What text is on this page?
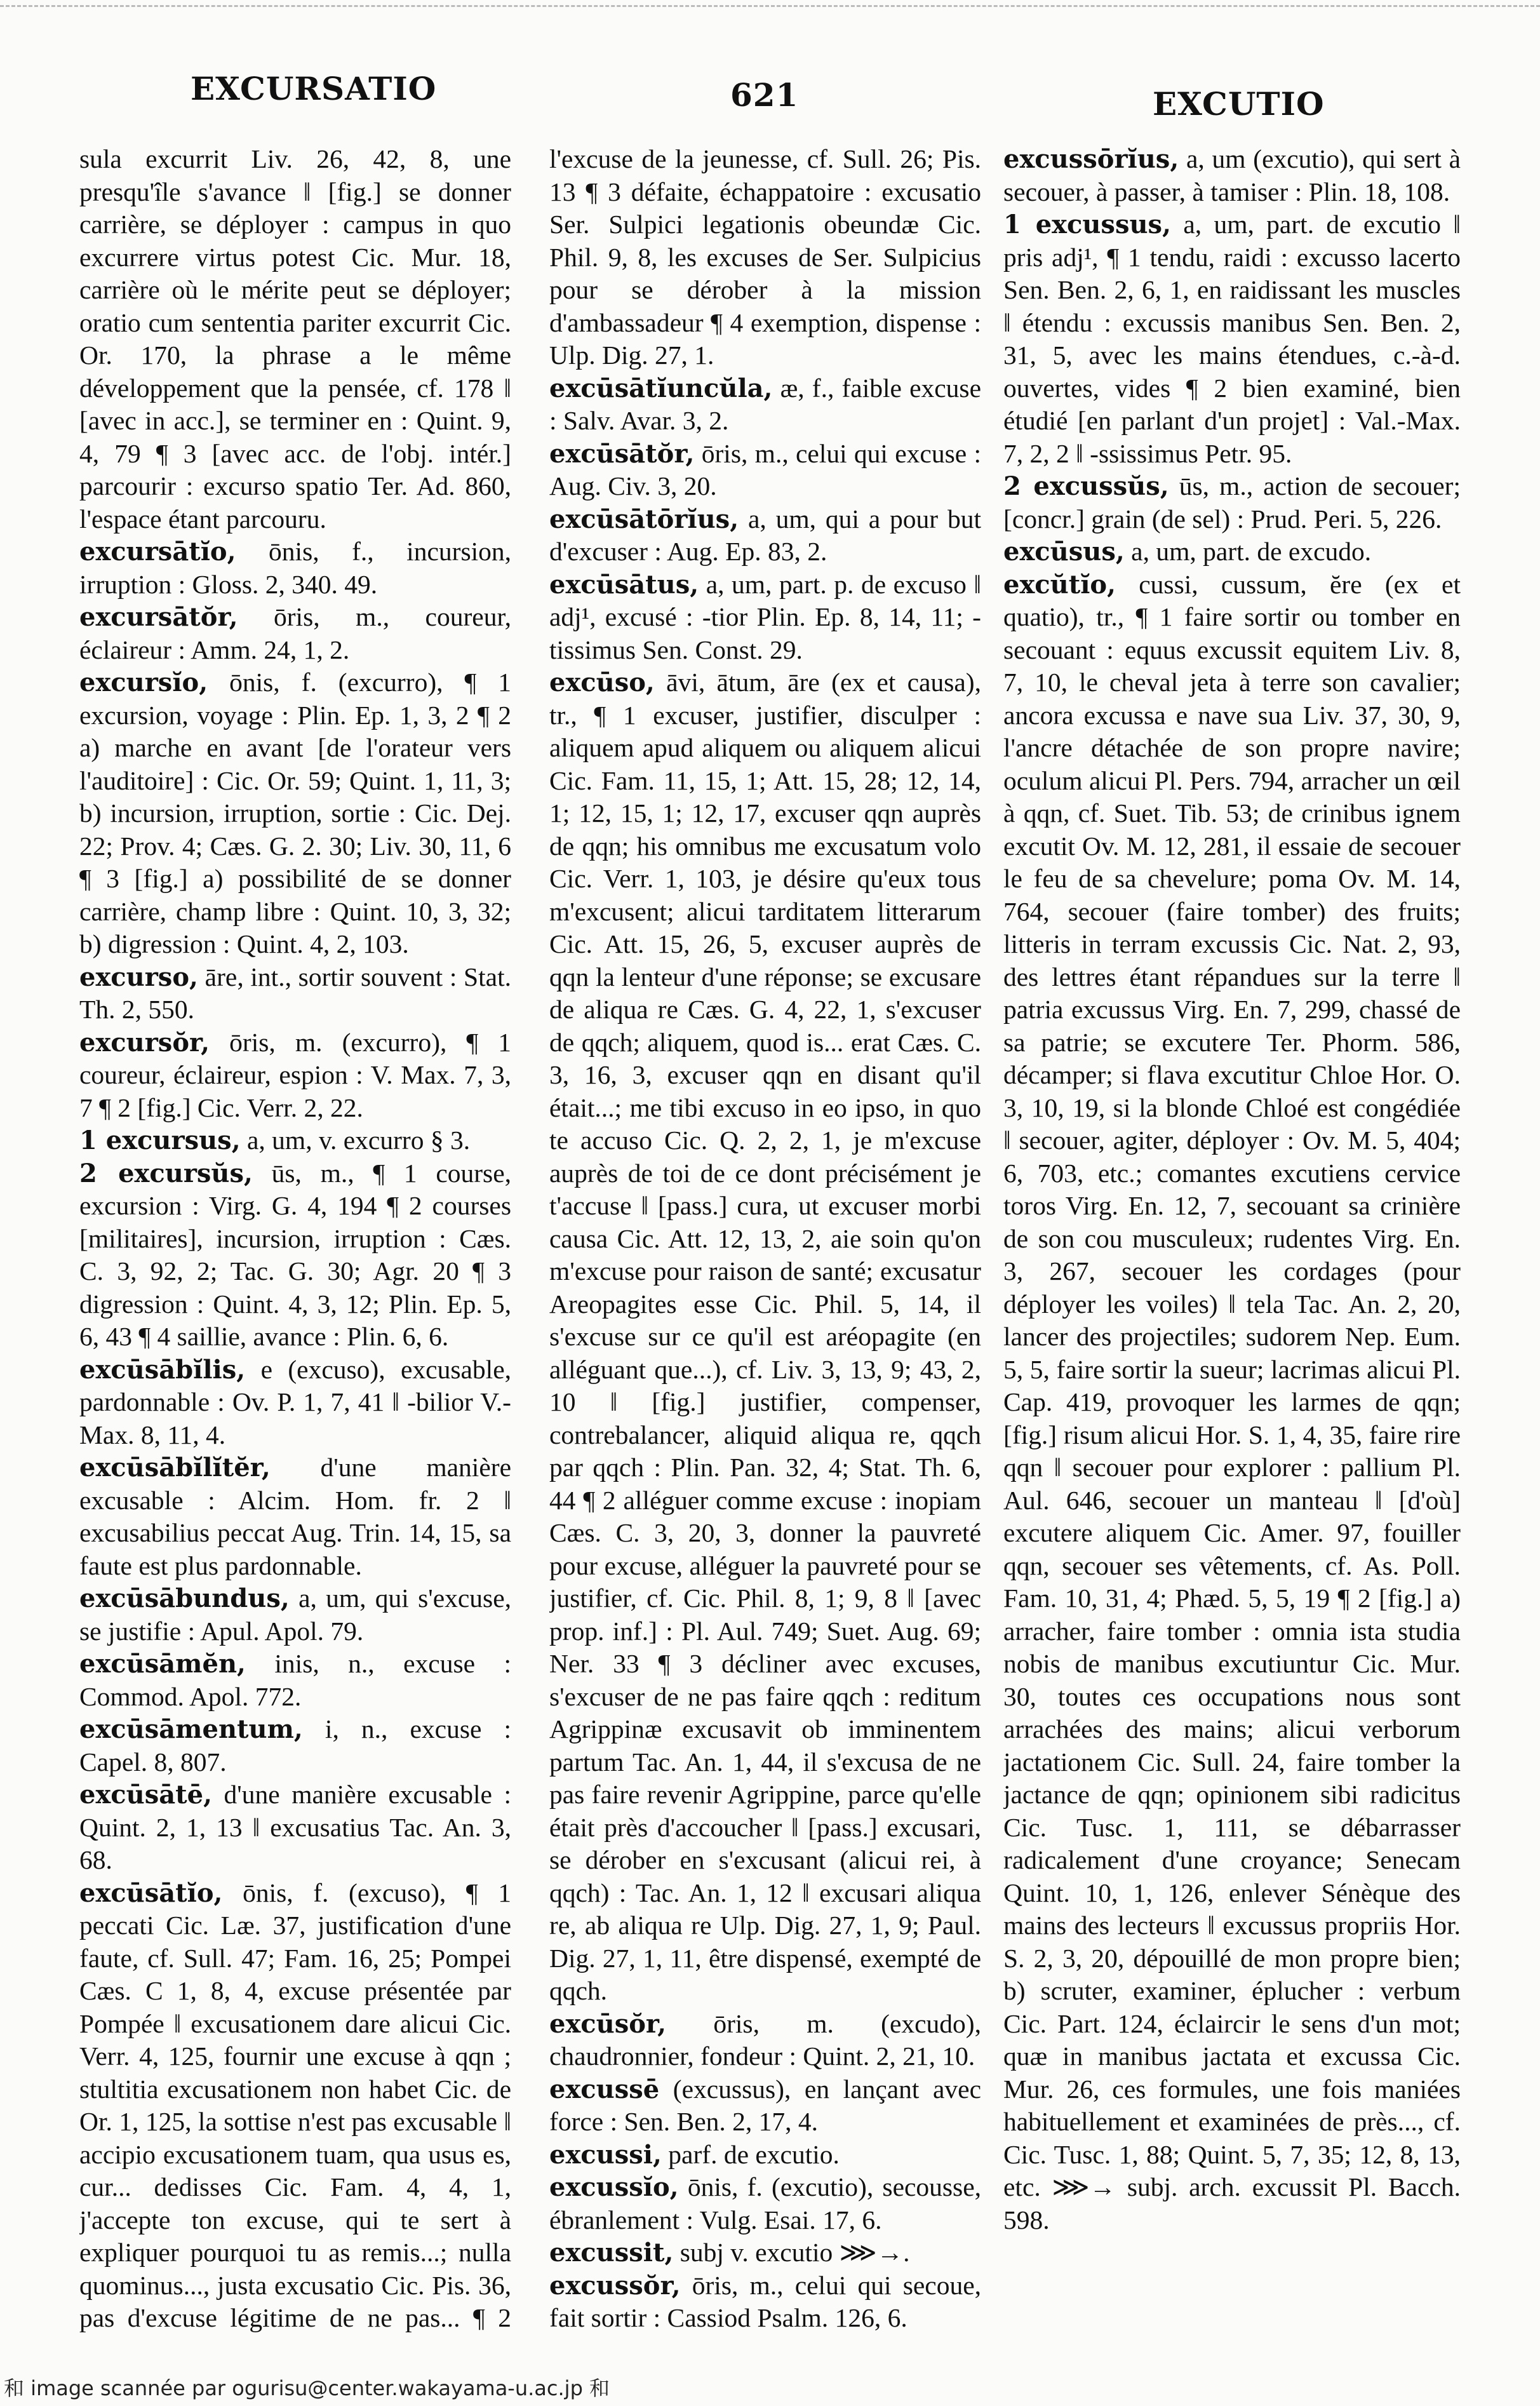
EXCURSATIO	621	EXCUTIO

sula excurrit Liv. 26, 42, 8, une presqu'île s'avance ‖ [fig.] se donner carrière, se déployer : campus in quo excurrere virtus potest Cic. Mur. 18, carrière où le mérite peut se déployer; oratio cum sententia pariter excurrit Cic. Or. 170, la phrase a le même développement que la pensée, cf. 178 ‖ [avec in acc.], se terminer en : Quint. 9, 4, 79 ¶ 3 [avec acc. de l'obj. intér.] parcourir : excurso spatio Ter. Ad. 860, l'espace étant parcouru.

excursātĭo, ōnis, f., incursion, irruption : Gloss. 2, 340. 49.

excursātŏr, ōris, m., coureur, éclaireur : Amm. 24, 1, 2.

excursĭo, ōnis, f. (excurro), ¶ 1 excursion, voyage : Plin. Ep. 1, 3, 2 ¶ 2 a) marche en avant [de l'orateur vers l'auditoire] : Cic. Or. 59; Quint. 1, 11, 3; b) incursion, irruption, sortie : Cic. Dej. 22; Prov. 4; Cæs. G. 2. 30; Liv. 30, 11, 6 ¶ 3 [fig.] a) possibilité de se donner carrière, champ libre : Quint. 10, 3, 32; b) digression : Quint. 4, 2, 103.

excurso, āre, int., sortir souvent : Stat. Th. 2, 550.

excursŏr, ōris, m. (excurro), ¶ 1 coureur, éclaireur, espion : V. Max. 7, 3, 7 ¶ 2 [fig.] Cic. Verr. 2, 22.

1 excursus, a, um, v. excurro § 3.

2 excursŭs, ūs, m., ¶ 1 course, excursion : Virg. G. 4, 194 ¶ 2 courses [militaires], incursion, irruption : Cæs. C. 3, 92, 2; Tac. G. 30; Agr. 20 ¶ 3 digression : Quint. 4, 3, 12; Plin. Ep. 5, 6, 43 ¶ 4 saillie, avance : Plin. 6, 6.

excūsābĭlis, e (excuso), excusable, pardonnable : Ov. P. 1, 7, 41 ‖ -bilior V.-Max. 8, 11, 4.

excūsābĭlĭtĕr, d'une manière excusable : Alcim. Hom. fr. 2 ‖ excusabilius peccat Aug. Trin. 14, 15, sa faute est plus pardonnable.

excūsābundus, a, um, qui s'excuse, se justifie : Apul. Apol. 79.

excūsāmĕn, inis, n., excuse : Commod. Apol. 772.

excūsāmentum, i, n., excuse : Capel. 8, 807.

excūsātē, d'une manière excusable : Quint. 2, 1, 13 ‖ excusatius Tac. An. 3, 68.

excūsātĭo, ōnis, f. (excuso), ¶ 1 peccati Cic. Læ. 37, justification d'une faute, cf. Sull. 47; Fam. 16, 25; Pompei Cæs. C 1, 8, 4, excuse présentée par Pompée ‖ excusationem dare alicui Cic. Verr. 4, 125, fournir une excuse à qqn ; stultitia excusationem non habet Cic. de Or. 1, 125, la sottise n'est pas excusable ‖ accipio excusationem tuam, qua usus es, cur... dedisses Cic. Fam. 4, 4, 1, j'accepte ton excuse, qui te sert à expliquer pourquoi tu as remis...; nulla quominus..., justa excusatio Cic. Pis. 36, pas d'excuse légitime de ne pas... ¶ 2

l'excuse de la jeunesse, cf. Sull. 26; Pis. 13 ¶ 3 défaite, échappatoire : excusatio Ser. Sulpici legationis obeundæ Cic. Phil. 9, 8, les excuses de Ser. Sulpicius pour se dérober à la mission d'ambassadeur ¶ 4 exemption, dispense : Ulp. Dig. 27, 1.

excūsātĭuncŭla, æ, f., faible excuse : Salv. Avar. 3, 2.

excūsātŏr, ōris, m., celui qui excuse : Aug. Civ. 3, 20.

excūsātōrĭus, a, um, qui a pour but d'excuser : Aug. Ep. 83, 2.

excūsātus, a, um, part. p. de excuso ‖ adj¹, excusé : -tior Plin. Ep. 8, 14, 11; -tissimus Sen. Const. 29.

excūso, āvi, ātum, āre (ex et causa), tr., ¶ 1 excuser, justifier, disculper : aliquem apud aliquem ou aliquem alicui Cic. Fam. 11, 15, 1; Att. 15, 28; 12, 14, 1; 12, 15, 1; 12, 17, excuser qqn auprès de qqn; his omnibus me excusatum volo Cic. Verr. 1, 103, je désire qu'eux tous m'excusent; alicui tarditatem litterarum Cic. Att. 15, 26, 5, excuser auprès de qqn la lenteur d'une réponse; se excusare de aliqua re Cæs. G. 4, 22, 1, s'excuser de qqch; aliquem, quod is... erat Cæs. C. 3, 16, 3, excuser qqn en disant qu'il était...; me tibi excuso in eo ipso, in quo te accuso Cic. Q. 2, 2, 1, je m'excuse auprès de toi de ce dont précisément je t'accuse ‖ [pass.] cura, ut excuser morbi causa Cic. Att. 12, 13, 2, aie soin qu'on m'excuse pour raison de santé; excusatur Areopagites esse Cic. Phil. 5, 14, il s'excuse sur ce qu'il est aréopagite (en alléguant que...), cf. Liv. 3, 13, 9; 43, 2, 10 ‖ [fig.] justifier, compenser, contrebalancer, aliquid aliqua re, qqch par qqch : Plin. Pan. 32, 4; Stat. Th. 6, 44 ¶ 2 alléguer comme excuse : inopiam Cæs. C. 3, 20, 3, donner la pauvreté pour excuse, alléguer la pauvreté pour se justifier, cf. Cic. Phil. 8, 1; 9, 8 ‖ [avec prop. inf.] : Pl. Aul. 749; Suet. Aug. 69; Ner. 33 ¶ 3 décliner avec excuses, s'excuser de ne pas faire qqch : reditum Agrippinæ excusavit ob imminentem partum Tac. An. 1, 44, il s'excusa de ne pas faire revenir Agrippine, parce qu'elle était près d'accoucher ‖ [pass.] excusari, se dérober en s'excusant (alicui rei, à qqch) : Tac. An. 1, 12 ‖ excusari aliqua re, ab aliqua re Ulp. Dig. 27, 1, 9; Paul. Dig. 27, 1, 11, être dispensé, exempté de qqch.

excūsŏr, ōris, m. (excudo), chaudronnier, fondeur : Quint. 2, 21, 10.

excussē (excussus), en lançant avec force : Sen. Ben. 2, 17, 4.

excussi, parf. de excutio.

excussĭo, ōnis, f. (excutio), secousse, ébranlement : Vulg. Esai. 17, 6.

excussit, subj v. excutio ⋙→.

excussŏr, ōris, m., celui qui secoue, fait sortir : Cassiod Psalm. 126, 6.

excussōrĭus, a, um (excutio), qui sert à secouer, à passer, à tamiser : Plin. 18, 108.

1 excussus, a, um, part. de excutio ‖ pris adj¹, ¶ 1 tendu, raidi : excusso lacerto Sen. Ben. 2, 6, 1, en raidissant les muscles ‖ étendu : excussis manibus Sen. Ben. 2, 31, 5, avec les mains étendues, c.-à-d. ouvertes, vides ¶ 2 bien examiné, bien étudié [en parlant d'un projet] : Val.-Max. 7, 2, 2 ‖ -ssissimus Petr. 95.

2 excussŭs, ūs, m., action de secouer; [concr.] grain (de sel) : Prud. Peri. 5, 226.

excūsus, a, um, part. de excudo.

excŭtĭo, cussi, cussum, ĕre (ex et quatio), tr., ¶ 1 faire sortir ou tomber en secouant : equus excussit equitem Liv. 8, 7, 10, le cheval jeta à terre son cavalier; ancora excussa e nave sua Liv. 37, 30, 9, l'ancre détachée de son propre navire; oculum alicui Pl. Pers. 794, arracher un œil à qqn, cf. Suet. Tib. 53; de crinibus ignem excutit Ov. M. 12, 281, il essaie de secouer le feu de sa chevelure; poma Ov. M. 14, 764, secouer (faire tomber) des fruits; litteris in terram excussis Cic. Nat. 2, 93, des lettres étant répandues sur la terre ‖ patria excussus Virg. En. 7, 299, chassé de sa patrie; se excutere Ter. Phorm. 586, décamper; si flava excutitur Chloe Hor. O. 3, 10, 19, si la blonde Chloé est congédiée ‖ secouer, agiter, déployer : Ov. M. 5, 404; 6, 703, etc.; comantes excutiens cervice toros Virg. En. 12, 7, secouant sa crinière de son cou musculeux; rudentes Virg. En. 3, 267, secouer les cordages (pour déployer les voiles) ‖ tela Tac. An. 2, 20, lancer des projectiles; sudorem Nep. Eum. 5, 5, faire sortir la sueur; lacrimas alicui Pl. Cap. 419, provoquer les larmes de qqn; [fig.] risum alicui Hor. S. 1, 4, 35, faire rire qqn ‖ secouer pour explorer : pallium Pl. Aul. 646, secouer un manteau ‖ [d'où] excutere aliquem Cic. Amer. 97, fouiller qqn, secouer ses vêtements, cf. As. Poll. Fam. 10, 31, 4; Phæd. 5, 5, 19 ¶ 2 [fig.] a) arracher, faire tomber : omnia ista studia nobis de manibus excutiuntur Cic. Mur. 30, toutes ces occupations nous sont arrachées des mains; alicui verborum jactationem Cic. Sull. 24, faire tomber la jactance de qqn; opinionem sibi radicitus Cic. Tusc. 1, 111, se débarrasser radicalement d'une croyance; Senecam Quint. 10, 1, 126, enlever Sénèque des mains des lecteurs ‖ excussus propriis Hor. S. 2, 3, 20, dépouillé de mon propre bien; b) scruter, examiner, éplucher : verbum Cic. Part. 124, éclaircir le sens d'un mot; quæ in manibus jactata et excussa Cic. Mur. 26, ces formules, une fois maniées habituellement et examinées de près..., cf. Cic. Tusc. 1, 88; Quint. 5, 7, 35; 12, 8, 13, etc. ⋙→ subj. arch. excussit Pl. Bacch. 598.

和 image scannée par ogurisu@center.wakayama-u.ac.jp 和
